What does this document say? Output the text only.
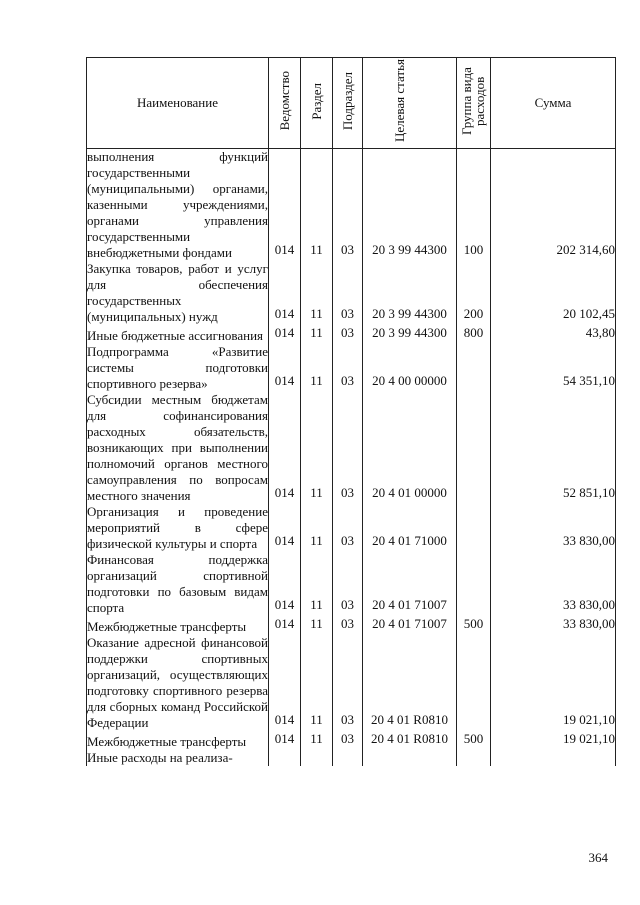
Наименование	Ведомство	Раздел	Подраздел	Целевая статья	Группа вида расходов	Сумма
выполнения функций государственными (муниципальными) органами, казенными учреждениями, органами управления государственными внебюджетными фондами	014	11	03	20 3 99 44300	100	202 314,60

Закупка товаров, работ и услуг для обеспечения государственных (муниципальных) нужд	014	11	03	20 3 99 44300	200	20 102,45

Иные бюджетные ассигнования	014	11	03	20 3 99 44300	800	43,80

Подпрограмма «Развитие системы подготовки спортивного резерва»	014	11	03	20 4 00 00000		54 351,10

Субсидии местным бюджетам для софинансирования расходных обязательств, возникающих при выполнении полномочий органов местного самоуправления по вопросам местного значения	014	11	03	20 4 01 00000		52 851,10

Организация и проведение мероприятий в сфере физической культуры и спорта	014	11	03	20 4 01 71000		33 830,00

Финансовая поддержка организаций спортивной подготовки по базовым видам спорта	014	11	03	20 4 01 71007		33 830,00

Межбюджетные трансферты	014	11	03	20 4 01 71007	500	33 830,00

Оказание адресной финансовой поддержки спортивных организаций, осуществляющих подготовку спортивного резерва для сборных команд Российской Федерации	014	11	03	20 4 01 R0810		19 021,10

Межбюджетные трансферты	014	11	03	20 4 01 R0810	500	19 021,10

Иные расходы на реализа-	

364
